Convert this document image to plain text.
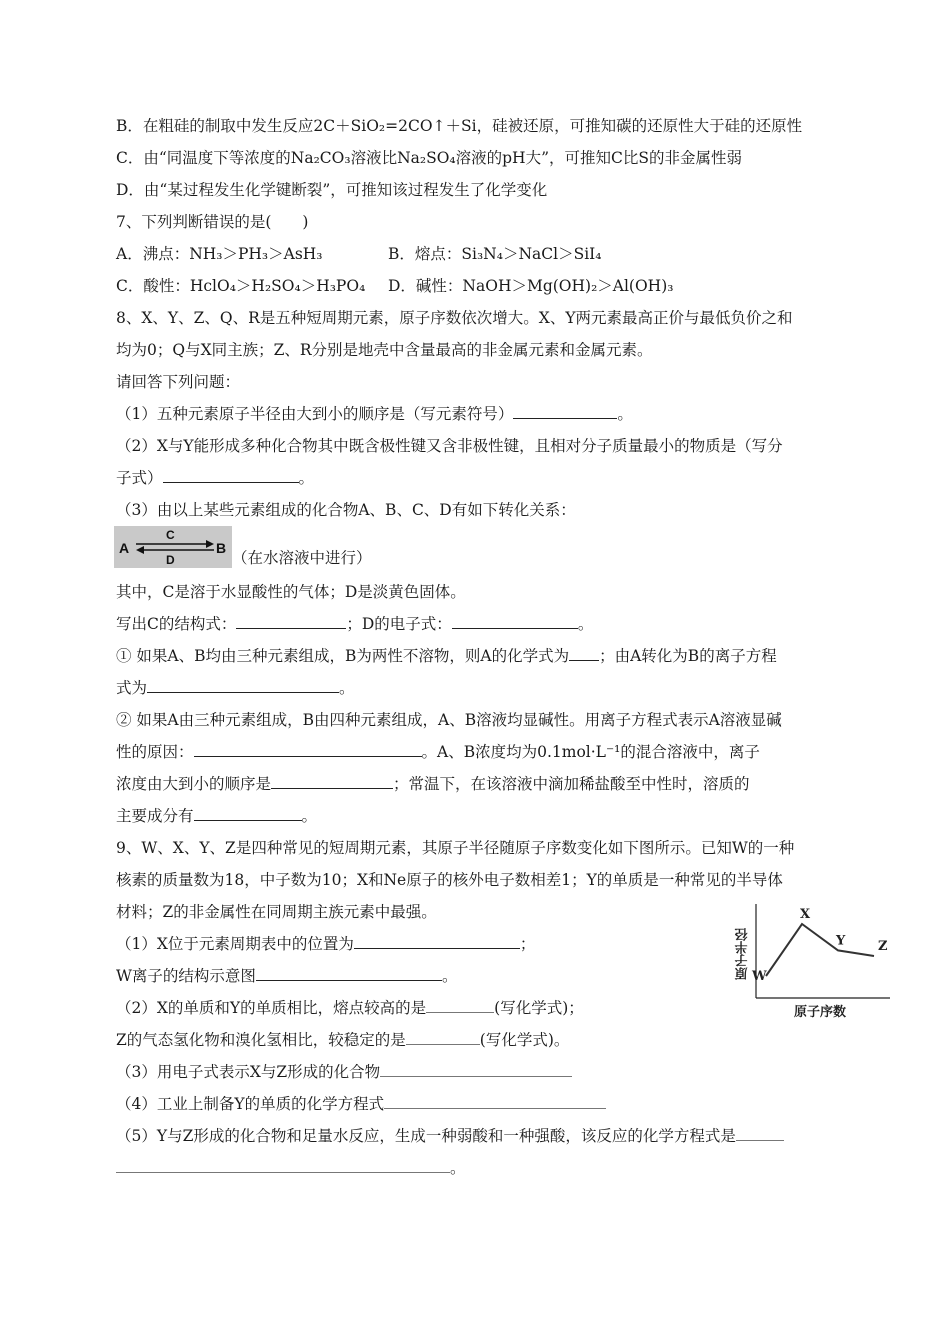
B．在粗硅的制取中发生反应2C＋SiO₂=2CO↑＋Si，硅被还原，可推知碳的还原性大于硅的还原性
C．由“同温度下等浓度的Na₂CO₃溶液比Na₂SO₄溶液的pH大”，可推知C比S的非金属性弱
D．由“某过程发生化学键断裂”，可推知该过程发生了化学变化
7、下列判断错误的是(　　)
A．沸点：NH₃＞PH₃＞AsH₃	B．熔点：Si₃N₄＞NaCl＞SiI₄
C．酸性：HclO₄＞H₂SO₄＞H₃PO₄ D．碱性：NaOH＞Mg(OH)₂＞Al(OH)₃
8、X、Y、Z、Q、R是五种短周期元素，原子序数依次增大。X、Y两元素最高正价与最低负价之和
均为0；Q与X同主族；Z、R分别是地壳中含量最高的非金属元素和金属元素。
请回答下列问题：
（1）五种元素原子半径由大到小的顺序是（写元素符号）	。
（2）X与Y能形成多种化合物其中既含极性键又含非极性键，且相对分子质量最小的物质是（写分
子式）	。
（3）由以上某些元素组成的化合物A、B、C、D有如下转化关系：
A
C
D
B
（在水溶液中进行）
其中，C是溶于水显酸性的气体；D是淡黄色固体。
写出C的结构式：	；D的电子式：	。
① 如果A、B均由三种元素组成，B为两性不溶物，则A的化学式为 ；由A转化为B的离子方程
式为	。
② 如果A由三种元素组成，B由四种元素组成，A、B溶液均显碱性。用离子方程式表示A溶液显碱
性的原因：	。A、B浓度均为0.1mol·L⁻¹的混合溶液中，离子
浓度由大到小的顺序是	；常温下，在该溶液中滴加稀盐酸至中性时，溶质的
主要成分有	。
9、W、X、Y、Z是四种常见的短周期元素，其原子半径随原子序数变化如下图所示。已知W的一种
核素的质量数为18，中子数为10；X和Ne原子的核外电子数相差1；Y的单质是一种常见的半导体
材料；Z的非金属性在同周期主族元素中最强。
（1）X位于元素周期表中的位置为	；
W离子的结构示意图	。
（2）X的单质和Y的单质相比，熔点较高的是	(写化学式)；
Z的气态氢化物和溴化氢相比，较稳定的是	(写化学式)。
（3）用电子式表示X与Z形成的化合物
（4）工业上制备Y的单质的化学方程式
（5）Y与Z形成的化合物和足量水反应，生成一种弱酸和一种强酸，该反应的化学方程式是
。
原子半径
原子序数
W
X
Y	Z
